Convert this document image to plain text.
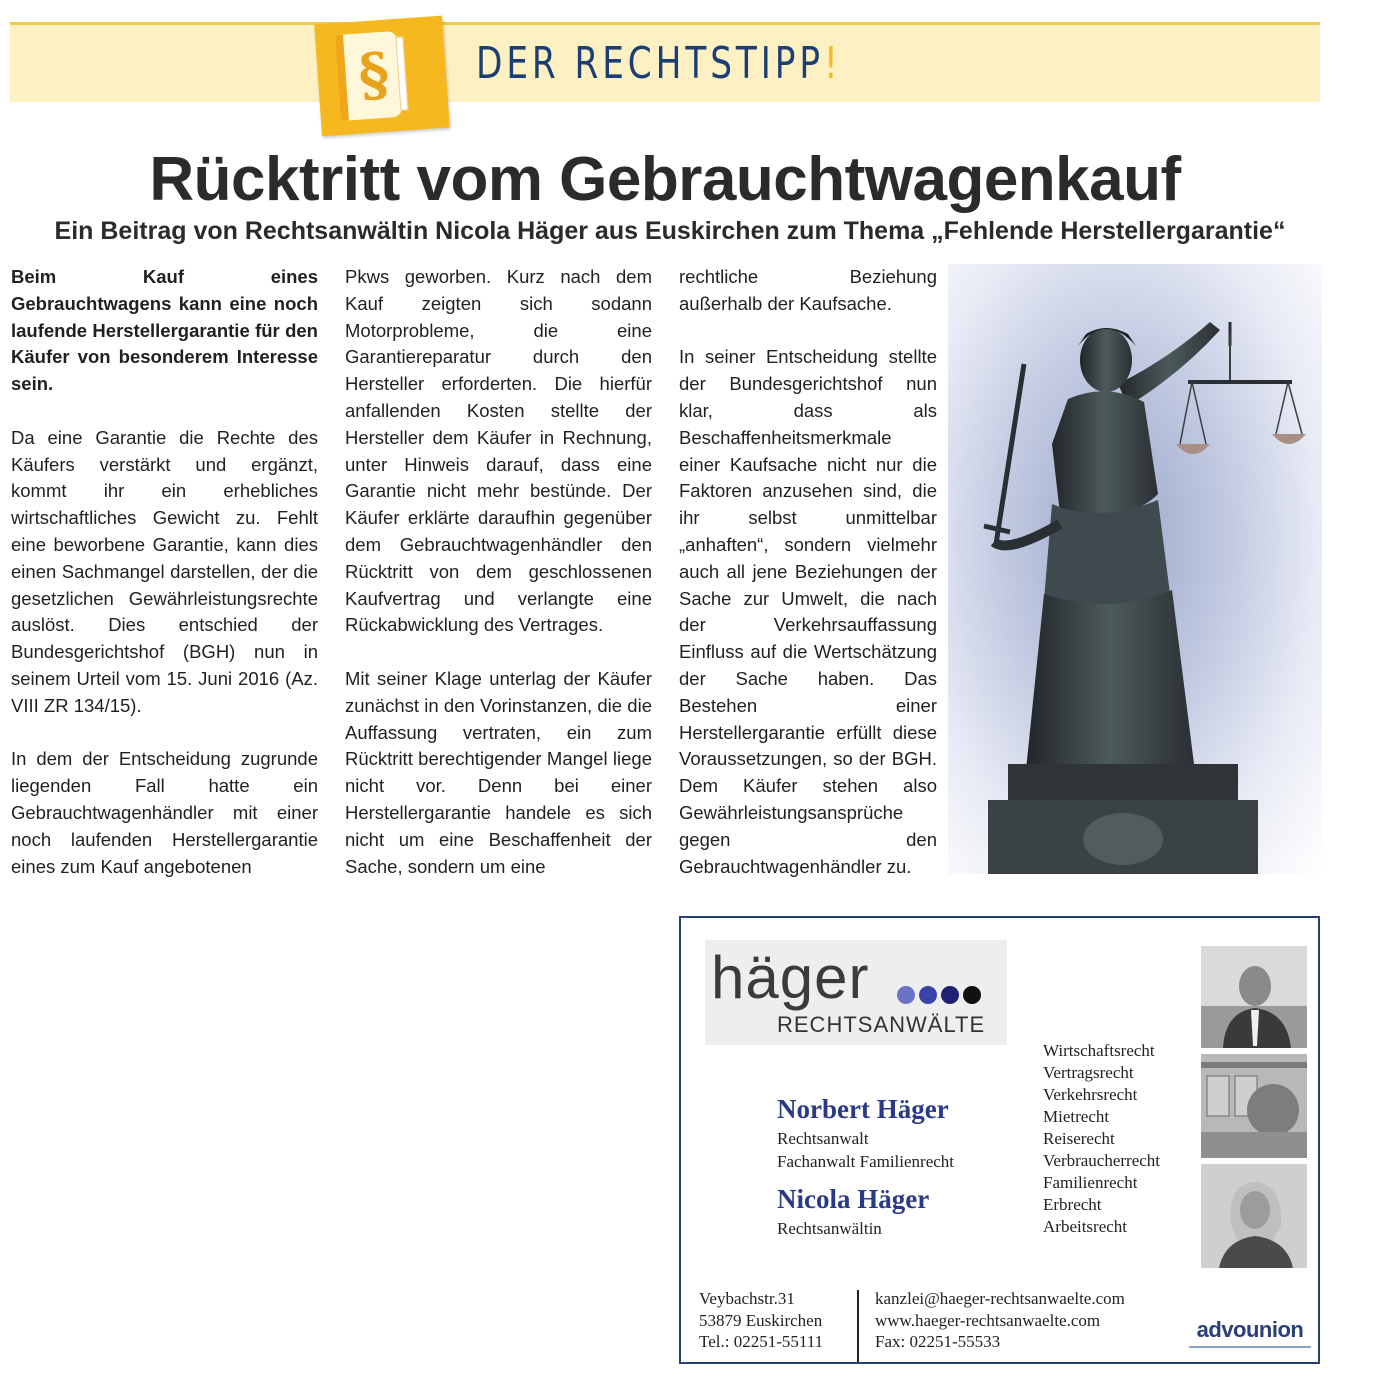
§ DER RECHTSTIPP!
Rücktritt vom Gebrauchtwagenkauf
Ein Beitrag von Rechtsanwältin Nicola Häger aus Euskirchen zum Thema „Fehlende Herstellergarantie“

Beim Kauf eines Gebrauchtwagens kann eine noch laufende Herstellergarantie für den Käufer von besonderem Interesse sein.

Da eine Garantie die Rechte des Käufers verstärkt und ergänzt, kommt ihr ein erhebliches wirtschaftliches Gewicht zu. Fehlt eine beworbene Garantie, kann dies einen Sachmangel darstellen, der die gesetzlichen Gewährleistungsrechte auslöst. Dies entschied der Bundesgerichtshof (BGH) nun in seinem Urteil vom 15. Juni 2016 (Az. VIII ZR 134/15).

In dem der Entscheidung zugrunde liegenden Fall hatte ein Gebrauchtwagenhändler mit einer noch laufenden Herstellergarantie eines zum Kauf angebotenen

Pkws geworben. Kurz nach dem Kauf zeigten sich sodann Motorprobleme, die eine Garantiereparatur durch den Hersteller erforderten. Die hierfür anfallenden Kosten stellte der Hersteller dem Käufer in Rechnung, unter Hinweis darauf, dass eine Garantie nicht mehr bestünde. Der Käufer erklärte daraufhin gegenüber dem Gebrauchtwagenhändler den Rücktritt von dem geschlossenen Kaufvertrag und verlangte eine Rückabwicklung des Vertrages.

Mit seiner Klage unterlag der Käufer zunächst in den Vorinstanzen, die die Auffassung vertraten, ein zum Rücktritt berechtigender Mangel liege nicht vor. Denn bei einer Herstellergarantie handele es sich nicht um eine Beschaffenheit der Sache, sondern um eine

rechtliche Beziehung außerhalb der Kaufsache.

In seiner Entscheidung stellte der Bundesgerichtshof nun klar, dass als Beschaffenheitsmerkmale einer Kaufsache nicht nur die Faktoren anzusehen sind, die ihr selbst unmittelbar „anhaften“, sondern vielmehr auch all jene Beziehungen der Sache zur Umwelt, die nach der Verkehrsauffassung Einfluss auf die Wertschätzung der Sache haben. Das Bestehen einer Herstellergarantie erfüllt diese Voraussetzungen, so der BGH. Dem Käufer stehen also Gewährleistungsansprüche gegen den Gebrauchtwagenhändler zu.

häger
RECHTSANWÄLTE
Norbert Häger
Rechtsanwalt
Fachanwalt Familienrecht
Nicola Häger
Rechtsanwältin
Wirtschaftsrecht
Vertragsrecht
Verkehrsrecht
Mietrecht
Reiserecht
Verbraucherrecht
Familienrecht
Erbrecht
Arbeitsrecht
Veybachstr.31
53879 Euskirchen
Tel.: 02251-55111
kanzlei@haeger-rechtsanwaelte.com
www.haeger-rechtsanwaelte.com
Fax: 02251-55533	advounion
